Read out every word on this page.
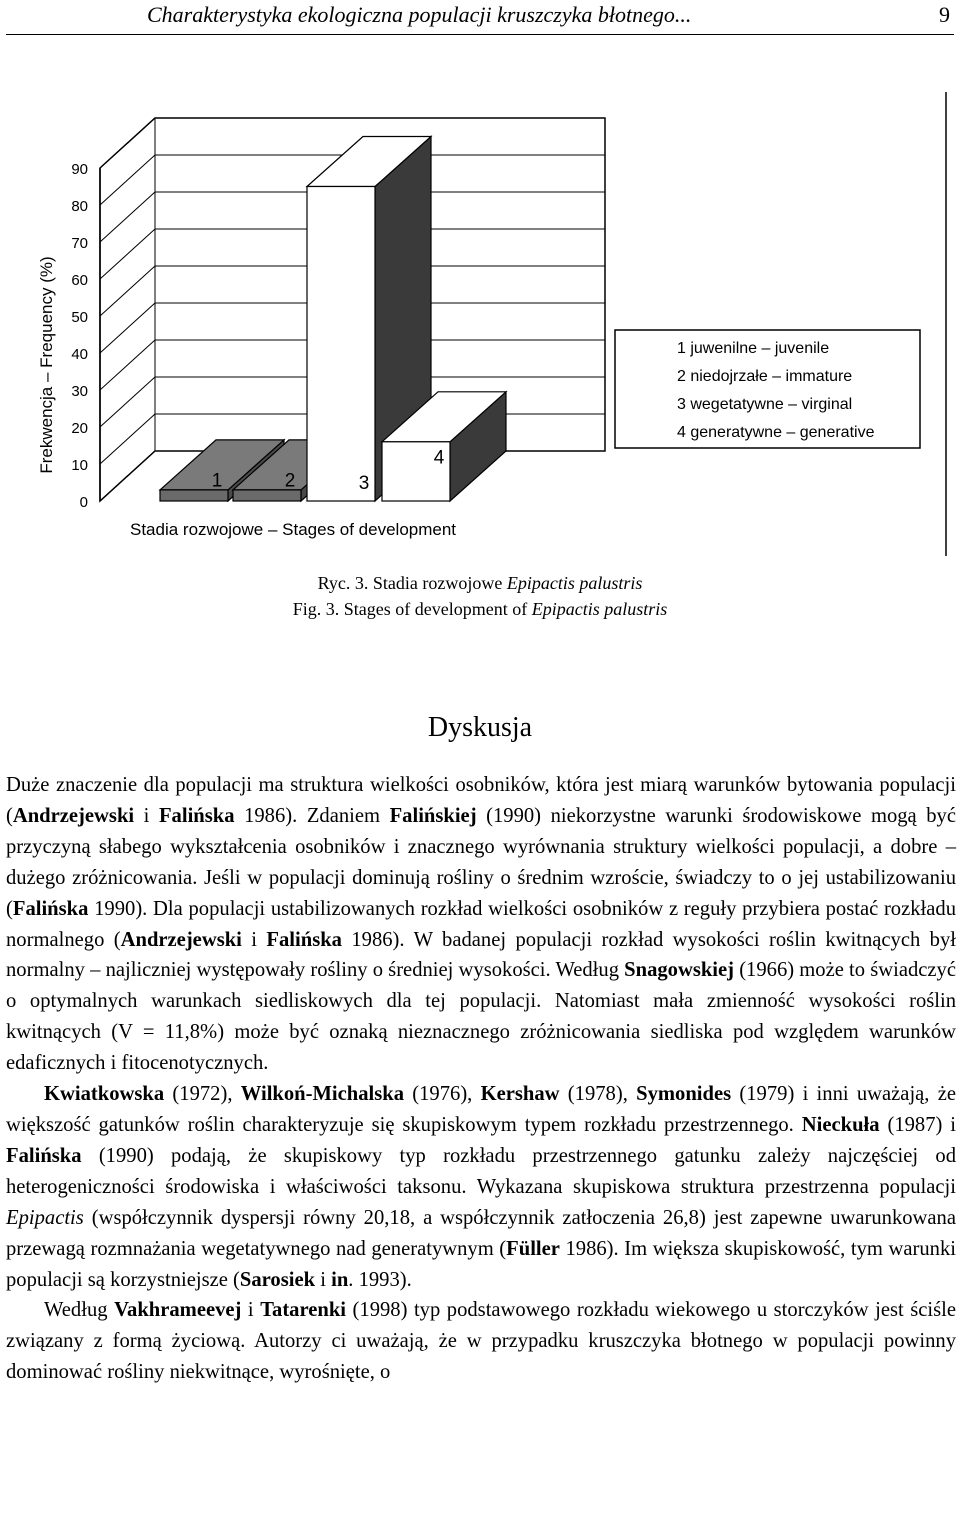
Charakterystyka ekologiczna populacji kruszczyka błotnego...	9
0
10
20
30
40
50
60
70
80
90
1	2	3
4
Frekwencja – Frequency (%)
Stadia rozwojowe – Stages of development
1 juwenilne – juvenile
2 niedojrzałe – immature
3 wegetatywne – virginal
4 generatywne – generative
Ryc. 3. Stadia rozwojowe Epipactis palustris
Fig. 3. Stages of development of Epipactis palustris
Dyskusja

Duże znaczenie dla populacji ma struktura wielkości osobników, która jest miarą warunków bytowania populacji (Andrzejewski i Falińska 1986). Zdaniem Falińskiej (1990) niekorzystne warunki środowiskowe mogą być przyczyną słabego wykształcenia osobników i znacznego wyrównania struktury wielkości populacji, a dobre – dużego zróżnicowania. Jeśli w populacji dominują rośliny o średnim wzroście, świadczy to o jej ustabilizowaniu (Falińska 1990). Dla populacji ustabilizowanych rozkład wielkości osobników z reguły przybiera postać rozkładu normalnego (Andrzejewski i Falińska 1986). W badanej populacji rozkład wysokości roślin kwitnących był normalny – najliczniej występowały rośliny o średniej wysokości. Według Snagowskiej (1966) może to świadczyć o optymalnych warunkach siedliskowych dla tej populacji. Natomiast mała zmienność wysokości roślin kwitnących (V = 11,8%) może być oznaką nieznacznego zróżnicowania siedliska pod względem warunków edaficznych i fitocenotycznych.

Kwiatkowska (1972), Wilkoń-Michalska (1976), Kershaw (1978), Symonides (1979) i inni uważają, że większość gatunków roślin charakteryzuje się skupiskowym typem rozkładu przestrzennego. Nieckuła (1987) i Falińska (1990) podają, że skupiskowy typ rozkładu przestrzennego gatunku zależy najczęściej od heterogeniczności środowiska i właściwości taksonu. Wykazana skupiskowa struktura przestrzenna populacji Epipactis (współczynnik dyspersji równy 20,18, a współczynnik zatłoczenia 26,8) jest zapewne uwarunkowana przewagą rozmnażania wegetatywnego nad generatywnym (Füller 1986). Im większa skupiskowość, tym warunki populacji są korzystniejsze (Sarosiek i in. 1993).

Według Vakhrameevej i Tatarenki (1998) typ podstawowego rozkładu wiekowego u storczyków jest ściśle związany z formą życiową. Autorzy ci uważają, że w przypadku kruszczyka błotnego w populacji powinny dominować rośliny niekwitnące, wyrośnięte, o
